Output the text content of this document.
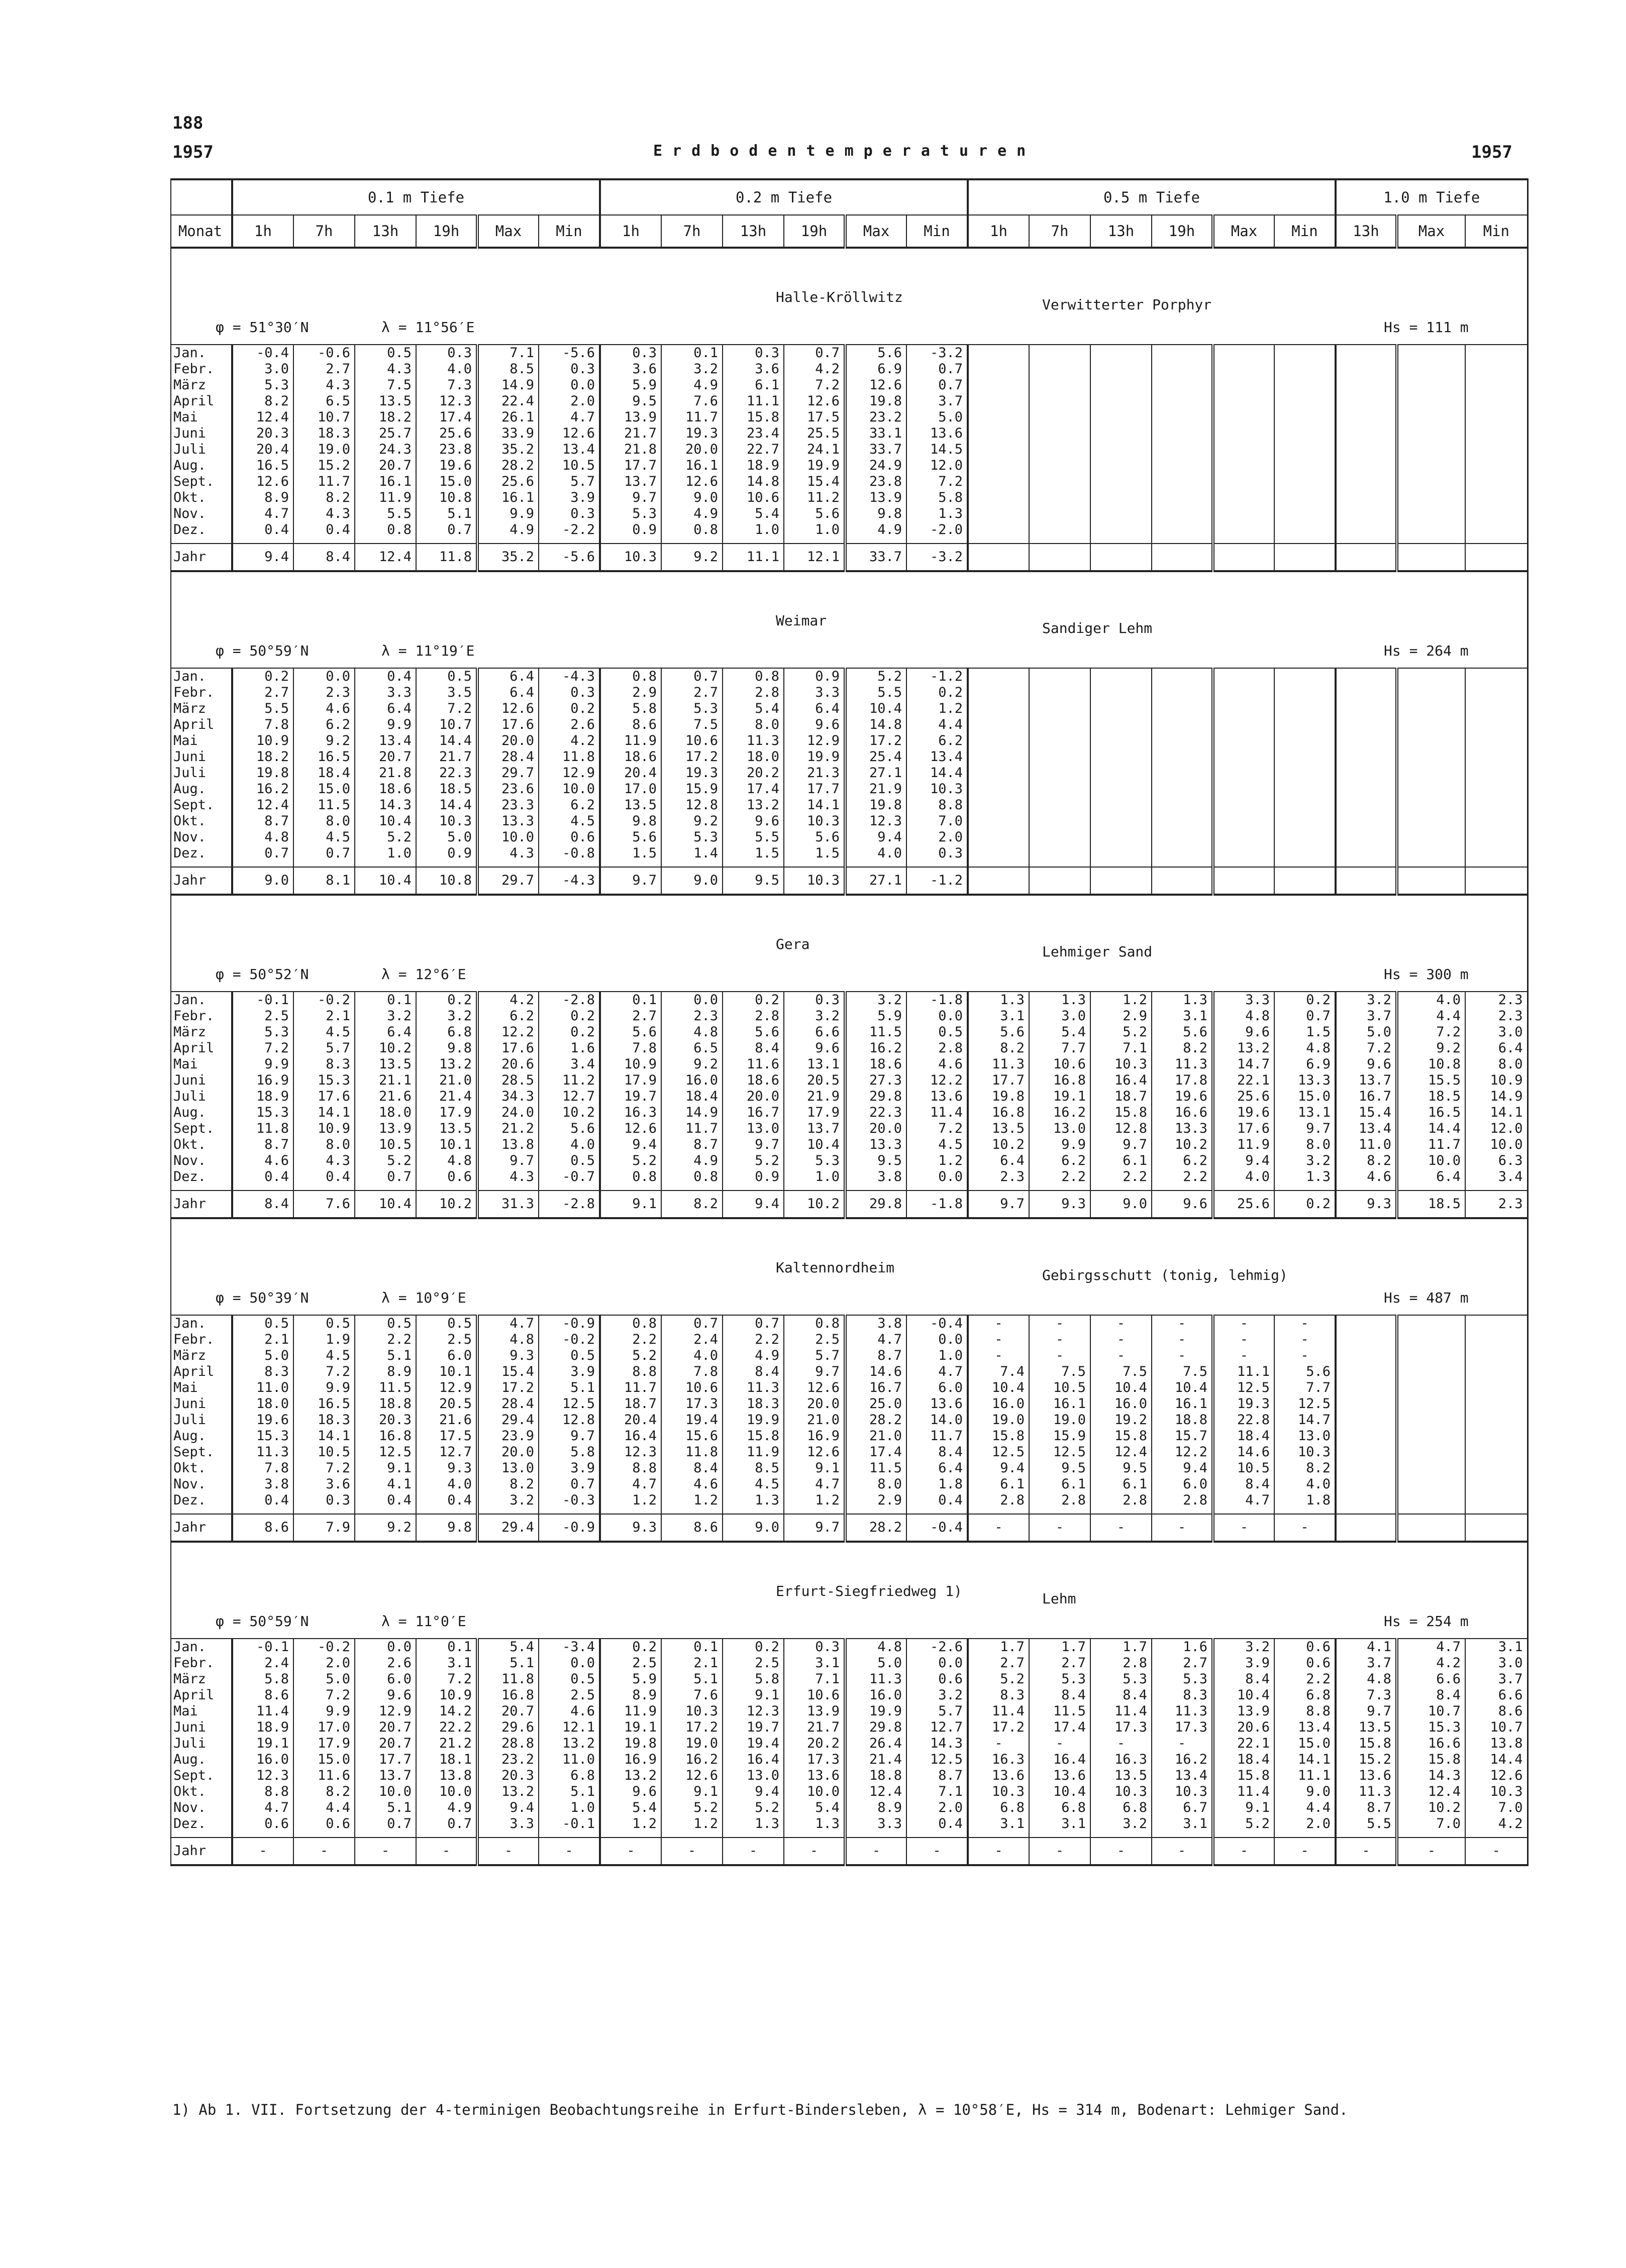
188
1957	Erdbodentemperaturen	1957
	0.1 m Tiefe						0.2 m Tiefe						0.5 m Tiefe						1.0 m Tiefe		
Monat	1h	7h	13h	19h	Max	Min	1h	7h	13h	19h	Max	Min	1h	7h	13h	19h	Max	Min	13h	Max	Min

Halle-Kröllwitz
φ = 51°30′N λ = 11°56′E
Verwitterter Porphyr
Hs = 111 m																					

Jan.	-0.4	-0.6	0.5	0.3	7.1	-5.6	0.3	0.1	0.3	0.7	5.6	-3.2									
Febr.	3.0	2.7	4.3	4.0	8.5	0.3	3.6	3.2	3.6	4.2	6.9	0.7									
März	5.3	4.3	7.5	7.3	14.9	0.0	5.9	4.9	6.1	7.2	12.6	0.7									
April	8.2	6.5	13.5	12.3	22.4	2.0	9.5	7.6	11.1	12.6	19.8	3.7									
Mai	12.4	10.7	18.2	17.4	26.1	4.7	13.9	11.7	15.8	17.5	23.2	5.0									
Juni	20.3	18.3	25.7	25.6	33.9	12.6	21.7	19.3	23.4	25.5	33.1	13.6									
Juli	20.4	19.0	24.3	23.8	35.2	13.4	21.8	20.0	22.7	24.1	33.7	14.5									
Aug.	16.5	15.2	20.7	19.6	28.2	10.5	17.7	16.1	18.9	19.9	24.9	12.0									
Sept.	12.6	11.7	16.1	15.0	25.6	5.7	13.7	12.6	14.8	15.4	23.8	7.2									
Okt.	8.9	8.2	11.9	10.8	16.1	3.9	9.7	9.0	10.6	11.2	13.9	5.8									
Nov.	4.7	4.3	5.5	5.1	9.9	0.3	5.3	4.9	5.4	5.6	9.8	1.3									
Dez.	0.4	0.4	0.8	0.7	4.9	-2.2	0.9	0.8	1.0	1.0	4.9	-2.0									

Jahr	9.4	8.4	12.4	11.8	35.2	-5.6	10.3	9.2	11.1	12.1	33.7	-3.2									

Weimar
φ = 50°59′N λ = 11°19′E
Sandiger Lehm
Hs = 264 m																					

Jan.	0.2	0.0	0.4	0.5	6.4	-4.3	0.8	0.7	0.8	0.9	5.2	-1.2									
Febr.	2.7	2.3	3.3	3.5	6.4	0.3	2.9	2.7	2.8	3.3	5.5	0.2									
März	5.5	4.6	6.4	7.2	12.6	0.2	5.8	5.3	5.4	6.4	10.4	1.2									
April	7.8	6.2	9.9	10.7	17.6	2.6	8.6	7.5	8.0	9.6	14.8	4.4									
Mai	10.9	9.2	13.4	14.4	20.0	4.2	11.9	10.6	11.3	12.9	17.2	6.2									
Juni	18.2	16.5	20.7	21.7	28.4	11.8	18.6	17.2	18.0	19.9	25.4	13.4									
Juli	19.8	18.4	21.8	22.3	29.7	12.9	20.4	19.3	20.2	21.3	27.1	14.4									
Aug.	16.2	15.0	18.6	18.5	23.6	10.0	17.0	15.9	17.4	17.7	21.9	10.3									
Sept.	12.4	11.5	14.3	14.4	23.3	6.2	13.5	12.8	13.2	14.1	19.8	8.8									
Okt.	8.7	8.0	10.4	10.3	13.3	4.5	9.8	9.2	9.6	10.3	12.3	7.0									
Nov.	4.8	4.5	5.2	5.0	10.0	0.6	5.6	5.3	5.5	5.6	9.4	2.0									
Dez.	0.7	0.7	1.0	0.9	4.3	-0.8	1.5	1.4	1.5	1.5	4.0	0.3									

Jahr	9.0	8.1	10.4	10.8	29.7	-4.3	9.7	9.0	9.5	10.3	27.1	-1.2									

Gera
φ = 50°52′N λ = 12°6′E
Lehmiger Sand
Hs = 300 m																					

Jan.	-0.1	-0.2	0.1	0.2	4.2	-2.8	0.1	0.0	0.2	0.3	3.2	-1.8	1.3	1.3	1.2	1.3	3.3	0.2	3.2	4.0	2.3
Febr.	2.5	2.1	3.2	3.2	6.2	0.2	2.7	2.3	2.8	3.2	5.9	0.0	3.1	3.0	2.9	3.1	4.8	0.7	3.7	4.4	2.3
März	5.3	4.5	6.4	6.8	12.2	0.2	5.6	4.8	5.6	6.6	11.5	0.5	5.6	5.4	5.2	5.6	9.6	1.5	5.0	7.2	3.0
April	7.2	5.7	10.2	9.8	17.6	1.6	7.8	6.5	8.4	9.6	16.2	2.8	8.2	7.7	7.1	8.2	13.2	4.8	7.2	9.2	6.4
Mai	9.9	8.3	13.5	13.2	20.6	3.4	10.9	9.2	11.6	13.1	18.6	4.6	11.3	10.6	10.3	11.3	14.7	6.9	9.6	10.8	8.0
Juni	16.9	15.3	21.1	21.0	28.5	11.2	17.9	16.0	18.6	20.5	27.3	12.2	17.7	16.8	16.4	17.8	22.1	13.3	13.7	15.5	10.9
Juli	18.9	17.6	21.6	21.4	34.3	12.7	19.7	18.4	20.0	21.9	29.8	13.6	19.8	19.1	18.7	19.6	25.6	15.0	16.7	18.5	14.9
Aug.	15.3	14.1	18.0	17.9	24.0	10.2	16.3	14.9	16.7	17.9	22.3	11.4	16.8	16.2	15.8	16.6	19.6	13.1	15.4	16.5	14.1
Sept.	11.8	10.9	13.9	13.5	21.2	5.6	12.6	11.7	13.0	13.7	20.0	7.2	13.5	13.0	12.8	13.3	17.6	9.7	13.4	14.4	12.0
Okt.	8.7	8.0	10.5	10.1	13.8	4.0	9.4	8.7	9.7	10.4	13.3	4.5	10.2	9.9	9.7	10.2	11.9	8.0	11.0	11.7	10.0
Nov.	4.6	4.3	5.2	4.8	9.7	0.5	5.2	4.9	5.2	5.3	9.5	1.2	6.4	6.2	6.1	6.2	9.4	3.2	8.2	10.0	6.3
Dez.	0.4	0.4	0.7	0.6	4.3	-0.7	0.8	0.8	0.9	1.0	3.8	0.0	2.3	2.2	2.2	2.2	4.0	1.3	4.6	6.4	3.4

Jahr	8.4	7.6	10.4	10.2	31.3	-2.8	9.1	8.2	9.4	10.2	29.8	-1.8	9.7	9.3	9.0	9.6	25.6	0.2	9.3	18.5	2.3

Kaltennordheim
φ = 50°39′N λ = 10°9′E
Gebirgsschutt (tonig, lehmig)
Hs = 487 m																					

Jan.	0.5	0.5	0.5	0.5	4.7	-0.9	0.8	0.7	0.7	0.8	3.8	-0.4	-	-	-	-	-	-			
Febr.	2.1	1.9	2.2	2.5	4.8	-0.2	2.2	2.4	2.2	2.5	4.7	0.0	-	-	-	-	-	-			
März	5.0	4.5	5.1	6.0	9.3	0.5	5.2	4.0	4.9	5.7	8.7	1.0	-	-	-	-	-	-			
April	8.3	7.2	8.9	10.1	15.4	3.9	8.8	7.8	8.4	9.7	14.6	4.7	7.4	7.5	7.5	7.5	11.1	5.6			
Mai	11.0	9.9	11.5	12.9	17.2	5.1	11.7	10.6	11.3	12.6	16.7	6.0	10.4	10.5	10.4	10.4	12.5	7.7			
Juni	18.0	16.5	18.8	20.5	28.4	12.5	18.7	17.3	18.3	20.0	25.0	13.6	16.0	16.1	16.0	16.1	19.3	12.5			
Juli	19.6	18.3	20.3	21.6	29.4	12.8	20.4	19.4	19.9	21.0	28.2	14.0	19.0	19.0	19.2	18.8	22.8	14.7			
Aug.	15.3	14.1	16.8	17.5	23.9	9.7	16.4	15.6	15.8	16.9	21.0	11.7	15.8	15.9	15.8	15.7	18.4	13.0			
Sept.	11.3	10.5	12.5	12.7	20.0	5.8	12.3	11.8	11.9	12.6	17.4	8.4	12.5	12.5	12.4	12.2	14.6	10.3			
Okt.	7.8	7.2	9.1	9.3	13.0	3.9	8.8	8.4	8.5	9.1	11.5	6.4	9.4	9.5	9.5	9.4	10.5	8.2			
Nov.	3.8	3.6	4.1	4.0	8.2	0.7	4.7	4.6	4.5	4.7	8.0	1.8	6.1	6.1	6.1	6.0	8.4	4.0			
Dez.	0.4	0.3	0.4	0.4	3.2	-0.3	1.2	1.2	1.3	1.2	2.9	0.4	2.8	2.8	2.8	2.8	4.7	1.8			

Jahr	8.6	7.9	9.2	9.8	29.4	-0.9	9.3	8.6	9.0	9.7	28.2	-0.4	-	-	-	-	-	-			

Erfurt-Siegfriedweg 1)
φ = 50°59′N λ = 11°0′E
Lehm
Hs = 254 m																					

Jan.	-0.1	-0.2	0.0	0.1	5.4	-3.4	0.2	0.1	0.2	0.3	4.8	-2.6	1.7	1.7	1.7	1.6	3.2	0.6	4.1	4.7	3.1
Febr.	2.4	2.0	2.6	3.1	5.1	0.0	2.5	2.1	2.5	3.1	5.0	0.0	2.7	2.7	2.8	2.7	3.9	0.6	3.7	4.2	3.0
März	5.8	5.0	6.0	7.2	11.8	0.5	5.9	5.1	5.8	7.1	11.3	0.6	5.2	5.3	5.3	5.3	8.4	2.2	4.8	6.6	3.7
April	8.6	7.2	9.6	10.9	16.8	2.5	8.9	7.6	9.1	10.6	16.0	3.2	8.3	8.4	8.4	8.3	10.4	6.8	7.3	8.4	6.6
Mai	11.4	9.9	12.9	14.2	20.7	4.6	11.9	10.3	12.3	13.9	19.9	5.7	11.4	11.5	11.4	11.3	13.9	8.8	9.7	10.7	8.6
Juni	18.9	17.0	20.7	22.2	29.6	12.1	19.1	17.2	19.7	21.7	29.8	12.7	17.2	17.4	17.3	17.3	20.6	13.4	13.5	15.3	10.7
Juli	19.1	17.9	20.7	21.2	28.8	13.2	19.8	19.0	19.4	20.2	26.4	14.3	-	-	-	-	22.1	15.0	15.8	16.6	13.8
Aug.	16.0	15.0	17.7	18.1	23.2	11.0	16.9	16.2	16.4	17.3	21.4	12.5	16.3	16.4	16.3	16.2	18.4	14.1	15.2	15.8	14.4
Sept.	12.3	11.6	13.7	13.8	20.3	6.8	13.2	12.6	13.0	13.6	18.8	8.7	13.6	13.6	13.5	13.4	15.8	11.1	13.6	14.3	12.6
Okt.	8.8	8.2	10.0	10.0	13.2	5.1	9.6	9.1	9.4	10.0	12.4	7.1	10.3	10.4	10.3	10.3	11.4	9.0	11.3	12.4	10.3
Nov.	4.7	4.4	5.1	4.9	9.4	1.0	5.4	5.2	5.2	5.4	8.9	2.0	6.8	6.8	6.8	6.7	9.1	4.4	8.7	10.2	7.0
Dez.	0.6	0.6	0.7	0.7	3.3	-0.1	1.2	1.2	1.3	1.3	3.3	0.4	3.1	3.1	3.2	3.1	5.2	2.0	5.5	7.0	4.2

Jahr	-	-	-	-	-	-	-	-	-	-	-	-	-	-	-	-	-	-	-	-	-
1) Ab 1. VII. Fortsetzung der 4-terminigen Beobachtungsreihe in Erfurt-Bindersleben, λ = 10°58′E, Hs = 314 m, Bodenart: Lehmiger Sand.
